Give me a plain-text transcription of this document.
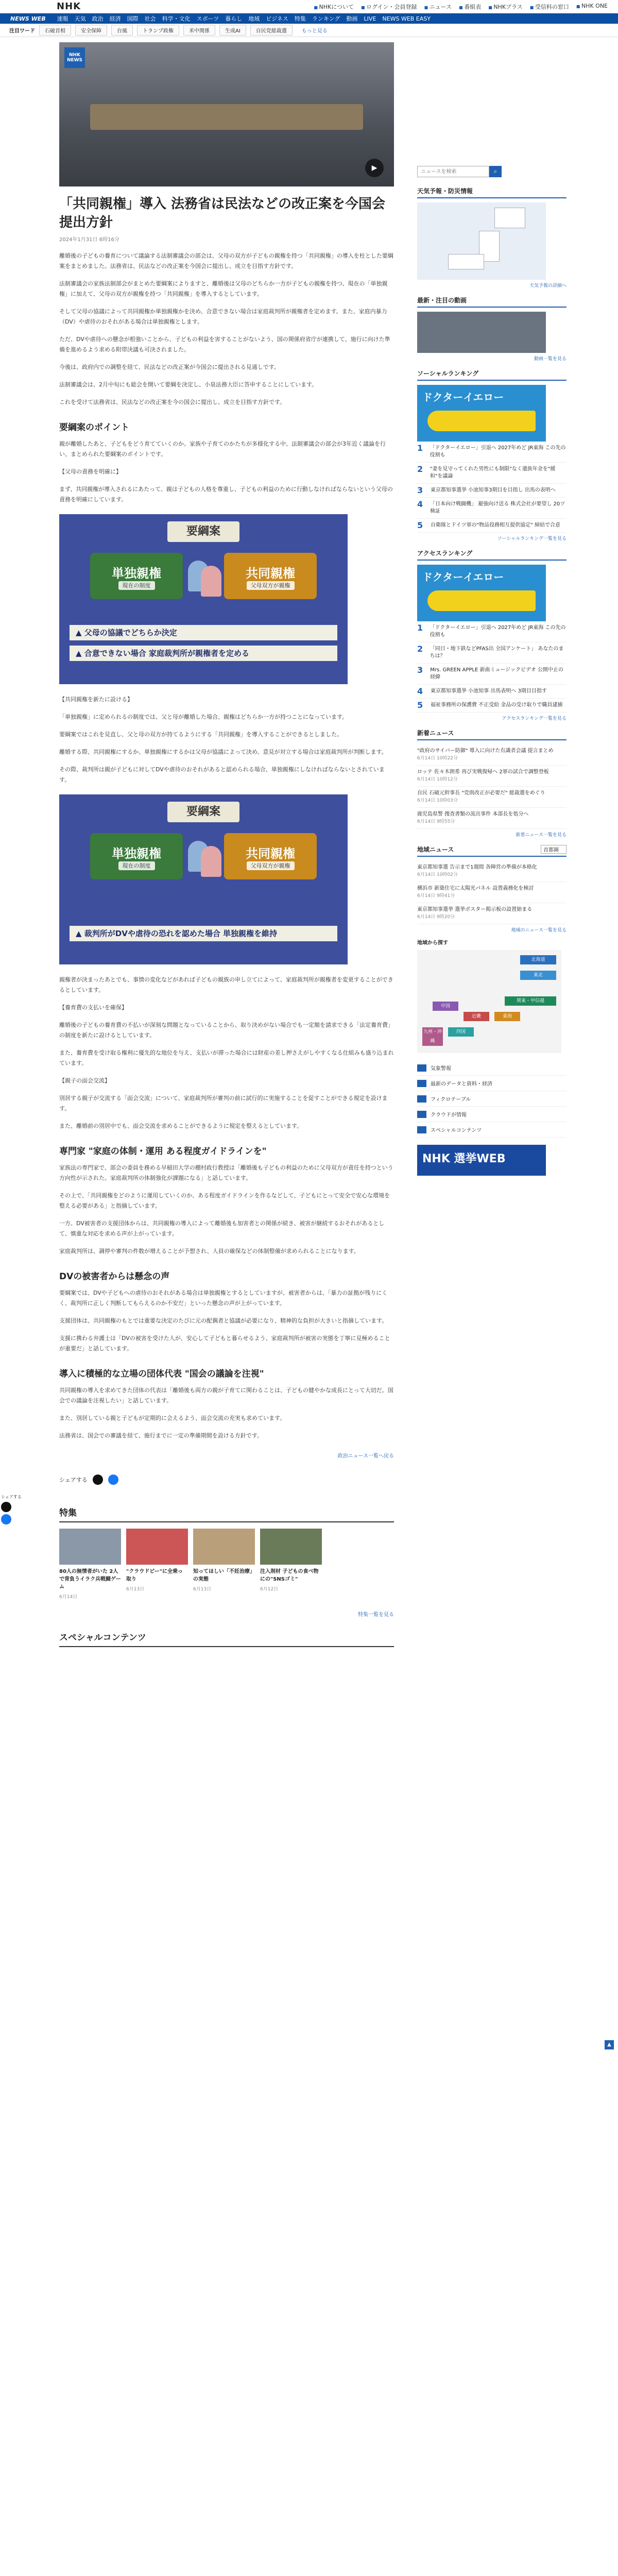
NHK	■ NHKについて	■ ログイン・会員登録	■ ニュース	■ 番組表	■ NHKプラス	■ 受信料の窓口	■ NHK ONE
NEWS WEB 速報 天気 政治 経済 国際 社会 科学・文化 スポーツ 暮らし 地域 ビジネス 特集 ランキング 動画 LIVE NEWS WEB EASY
注目ワード	石破首相	安全保障	台風	トランプ政権	米中関係	生成AI	自民党総裁選	もっと見る
NHK NEWS
▶
「共同親権」導入 法務省は民法などの改正案を今国会提出方針
2024年1月31日 6時16分

離婚後の子どもの養育について議論する法制審議会の部会は、父母の双方が子どもの親権を持つ「共同親権」の導入を柱とした要綱案をまとめました。法務省は、民法などの改正案を今国会に提出し、成立を目指す方針です。

法制審議会の家族法制部会がまとめた要綱案によりますと、離婚後は父母のどちらか一方が子どもの親権を持つ、現在の「単独親権」に加えて、父母の双方が親権を持つ「共同親権」を導入するとしています。

そして父母の協議によって共同親権か単独親権かを決め、合意できない場合は家庭裁判所が親権者を定めます。また、家庭内暴力（DV）や虐待のおそれがある場合は単独親権とします。

ただ、DVや虐待への懸念が根強いことから、子どもの利益を害することがないよう、国の関係府省庁が連携して、施行に向けた準備を進めるよう求める附帯決議も可決されました。

今後は、政府内での調整を経て、民法などの改正案が今国会に提出される見通しです。

法制審議会は、2月中旬にも総会を開いて要綱を決定し、小泉法務大臣に答申することにしています。

これを受けて法務省は、民法などの改正案を今の国会に提出し、成立を目指す方針です。

要綱案のポイント

親が離婚したあと、子どもをどう育てていくのか。家族や子育てのかたちが多様化する中、法制審議会の部会が3年近く議論を行い、まとめられた要綱案のポイントです。

【父母の責務を明確に】

まず、共同親権が導入されるにあたって、親は子どもの人格を尊重し、子どもの利益のために行動しなければならないという父母の責務を明確にしています。

要綱案
単独親権
現在の制度
共同親権
父母双方が親権
▲ 父母の協議でどちらか決定
▲ 合意できない場合 家庭裁判所が親権者を定める

【共同親権を新たに設ける】

「単独親権」に定められるの制度では、父と母が離婚した場合、親権はどちらか一方が持つことになっています。

要綱案ではこれを見直し、父と母の双方が持てるようにする「共同親権」を導入することができるとしました。

離婚する際、共同親権にするか、単独親権にするかは父母が協議によって決め、意見が対立する場合は家庭裁判所が判断します。

その際、裁判所は親が子どもに対してDVや虐待のおそれがあると認められる場合、単独親権にしなければならないとされています。

要綱案
単独親権
現在の制度
共同親権
父母双方が親権
▲ 裁判所がDVや虐待の恐れを認めた場合 単独親権を維持

親権者が決まったあとでも、事情の変化などがあれば子どもの親族の申し立てによって、家庭裁判所が親権者を変更することができるとしています。

【養育費の支払いを確保】

離婚後の子どもの養育費の不払いが深刻な問題となっていることから、取り決めがない場合でも一定額を請求できる「法定養育費」の制度を新たに設けるとしています。

また、養育費を受け取る権利に優先的な地位を与え、支払いが滞った場合には財産の差し押さえがしやすくなる仕組みも盛り込まれています。

【親子の面会交流】

別居する親子が交流する「面会交流」について、家庭裁判所が審判の前に試行的に実施することを促すことができる規定を設けます。

また、離婚前の別居中でも、面会交流を求めることができるように規定を整えるとしています。

専門家 "家庭の体制・運用 ある程度ガイドラインを"

家族法の専門家で、部会の委員を務める早稲田大学の棚村政行教授は「離婚後も子どもの利益のために父母双方が責任を持つという方向性が示された。家庭裁判所の体制強化が課題になる」と話しています。

その上で、「共同親権をどのように運用していくのか、ある程度ガイドラインを作るなどして、子どもにとって安全で安心な環境を整える必要がある」と指摘しています。

一方、DV被害者の支援団体からは、共同親権の導入によって離婚後も加害者との関係が続き、被害が継続するおそれがあるとして、慎重な対応を求める声が上がっています。

家庭裁判所は、調停や審判の件数が増えることが予想され、人員の確保などの体制整備が求められることになります。

DVの被害者からは懸念の声

要綱案では、DVや子どもへの虐待のおそれがある場合は単独親権とするとしていますが、被害者からは、「暴力の証拠が残りにくく、裁判所に正しく判断してもらえるのか不安だ」といった懸念の声が上がっています。

支援団体は、共同親権のもとでは重要な決定のたびに元の配偶者と協議が必要になり、精神的な負担が大きいと指摘しています。

支援に携わる弁護士は「DVの被害を受けた人が、安心して子どもと暮らせるよう、家庭裁判所が被害の実態を丁寧に見極めることが重要だ」と話しています。

導入に積極的な立場の団体代表 "国会の議論を注視"

共同親権の導入を求めてきた団体の代表は「離婚後も両方の親が子育てに関わることは、子どもの健やかな成長にとって大切だ。国会での議論を注視したい」と話しています。

また、別居している親と子どもが定期的に会えるよう、面会交流の充実も求めています。

法務省は、国会での審議を経て、施行までに一定の準備期間を設ける方針です。

政治ニュース一覧へ戻る
シェアする
特集
80人の無情者がいた 2人で背負うイラク兵戦闘ゲーム
6月14日
"クラウドビー"に全乗っ取り
6月13日
知ってほしい「不妊治療」の実態
6月13日
注入剤材 子どもの食べ物にの"SNSゴミ"
6月12日
特集一覧を見る
スペシャルコンテンツ
ニュースを検索
⌕
天気予報・防災情報
天気予報の詳細へ
最新・注目の動画
動画一覧を見る
ソーシャルランキング
ドクターイエロー
1	「ドクターイエロー」引退へ 2027年めど JR東海 この先の役割も
2	"妻を見守ってくれた男性にも制限"なく遺族年金を"緩和"を議論
3	東京都知事選挙 小池知事3期目を目指し 出馬の表明へ
4	「日本向け戦闘機」 避強向け送る 株式会社が要望し 20ツ検証
5	自衛隊とドイツ軍の"物品役務相互提供協定" 締結で合意
ソーシャルランキング一覧を見る
アクセスランキング
ドクターイエロー
1	「ドクターイエロー」引退へ 2027年めど JR東海 この先の役割も
2	「同日・地下鉄などPFAS出 全国アンケート」 あなたのまちは？
3	Mrs. GREEN APPLE 新曲ミュージックビデオ 公開中止の経緯
4	東京都知事選挙 小池知事 出馬表明へ 3期目目指す
5	福祉事務所の保護費 不正受給 金品の受け取りで職員逮捕
アクセスランキング一覧を見る
新着ニュース
"政府のサイバー防御" 導入に向けた有識者会議 提言まとめ
6月14日 10時22分
ロッテ 佐々木朗希 再び実戦復帰へ 2軍の試合で調整登板
6月14日 10時12分
自民 石破元幹事長 "党則改正が必要だ" 総裁選をめぐり
6月14日 10時03分
鹿児島県警 捜査書類の流出事件 本部長を処分へ
6月14日 9時55分
新着ニュース一覧を見る
地域ニュース	首都圏
東京都知事選 告示まで1週間 各陣営の準備が本格化
6月14日 10時02分
横浜市 新築住宅に太陽光パネル 設置義務化を検討
6月14日 9時41分
東京都知事選挙 選挙ポスター掲示板の設置始まる
6月14日 9時20分
地域のニュース一覧を見る
地域から探す
北海道
東北
関東・甲信越
東海
近畿
中国
四国
九州・沖縄
気象警報
最新のデータと資料・経済
フィクロテーブル
クラウドが情報
スペシャルコンテンツ
NHK 選挙WEB
シェアする
▲
